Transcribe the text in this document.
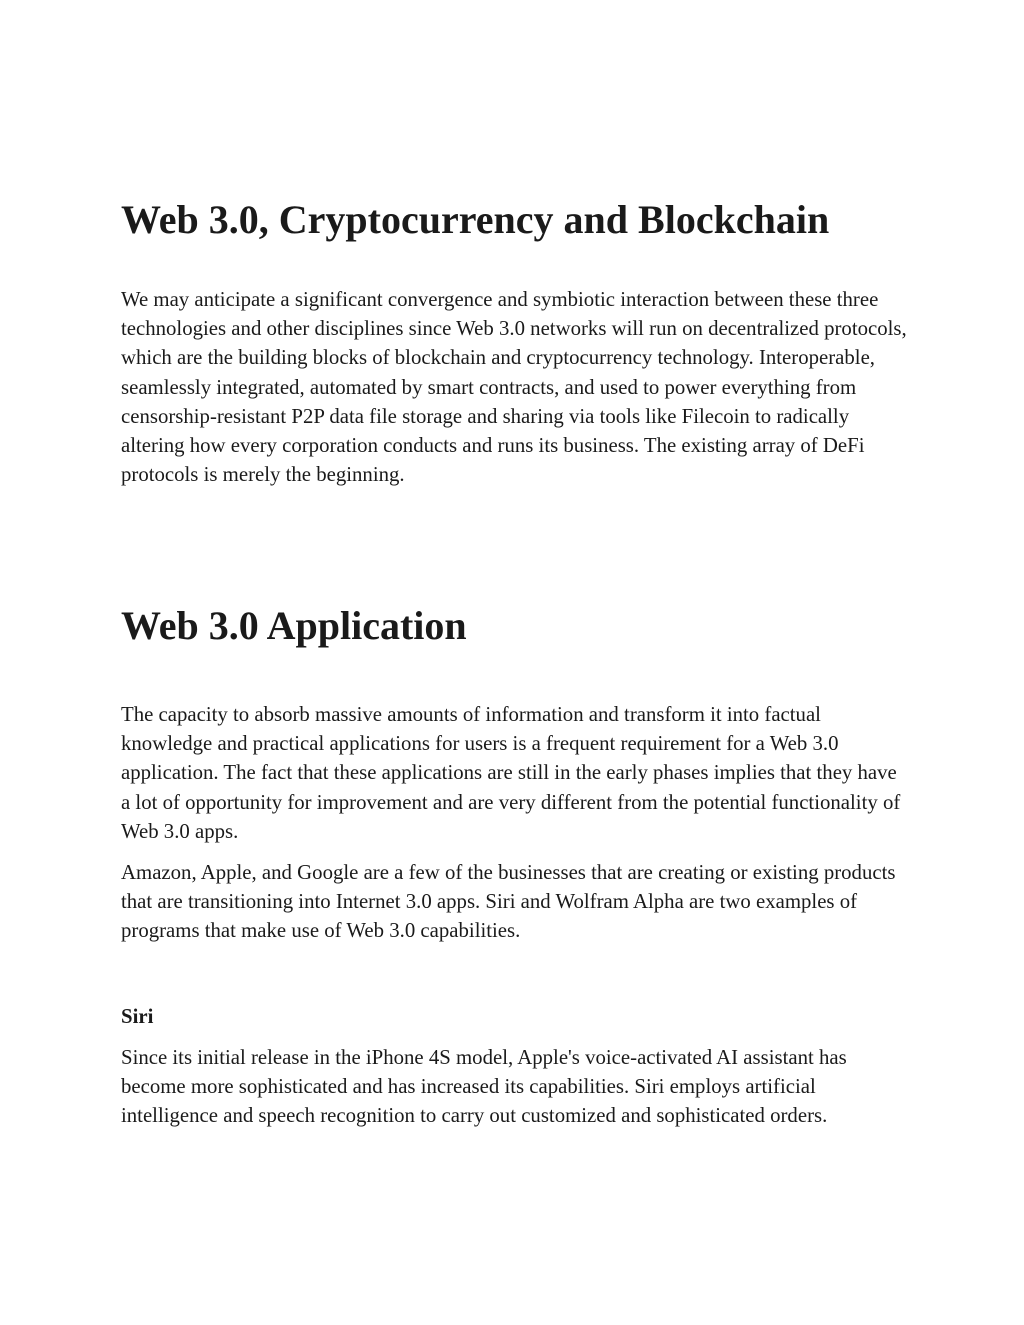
Web 3.0, Cryptocurrency and Blockchain

We may anticipate a significant convergence and symbiotic interaction between these three technologies and other disciplines since Web 3.0 networks will run on decentralized protocols, which are the building blocks of blockchain and cryptocurrency technology. Interoperable, seamlessly integrated, automated by smart contracts, and used to power everything from censorship-resistant P2P data file storage and sharing via tools like Filecoin to radically altering how every corporation conducts and runs its business. The existing array of DeFi protocols is merely the beginning.

Web 3.0 Application

The capacity to absorb massive amounts of information and transform it into factual knowledge and practical applications for users is a frequent requirement for a Web 3.0 application. The fact that these applications are still in the early phases implies that they have a lot of opportunity for improvement and are very different from the potential functionality of Web 3.0 apps.

Amazon, Apple, and Google are a few of the businesses that are creating or existing products that are transitioning into Internet 3.0 apps. Siri and Wolfram Alpha are two examples of programs that make use of Web 3.0 capabilities.

Siri

Since its initial release in the iPhone 4S model, Apple's voice-activated AI assistant has become more sophisticated and has increased its capabilities. Siri employs artificial intelligence and speech recognition to carry out customized and sophisticated orders.
